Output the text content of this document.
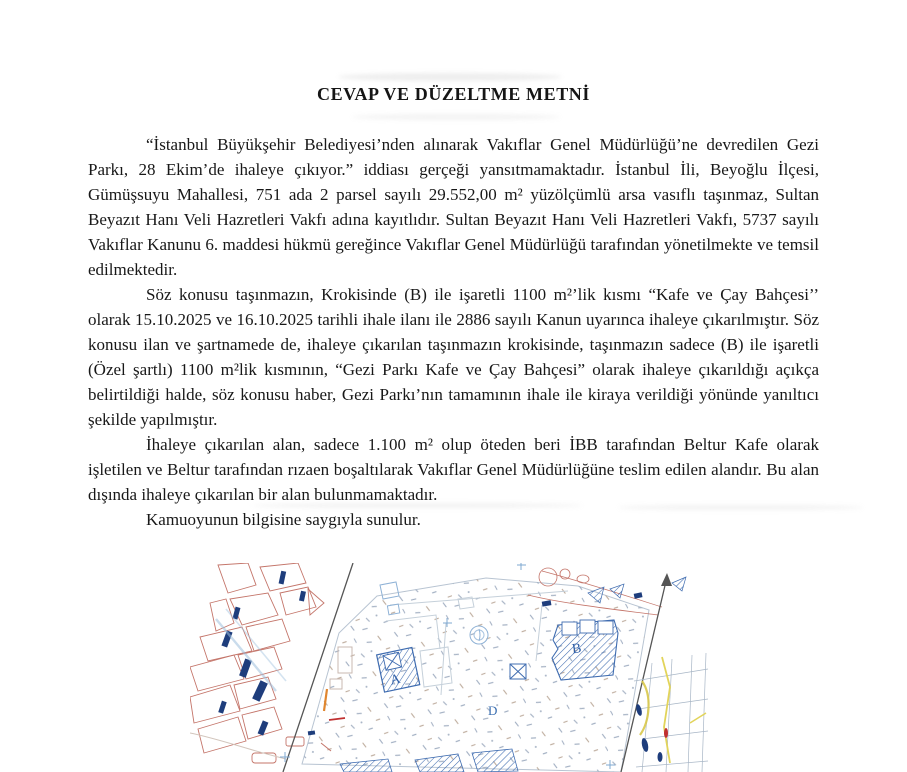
CEVAP VE DÜZELTME METNİ

“İstanbul Büyükşehir Belediyesi’nden alınarak Vakıflar Genel Müdürlüğü’ne devredilen Gezi Parkı, 28 Ekim’de ihaleye çıkıyor.” iddiası gerçeği yansıtmamaktadır. İstanbul İli, Beyoğlu İlçesi, Gümüşsuyu Mahallesi, 751 ada 2 parsel sayılı 29.552,00 m² yüzölçümlü arsa vasıflı taşınmaz, Sultan Beyazıt Hanı Veli Hazretleri Vakfı adına kayıtlıdır. Sultan Beyazıt Hanı Veli Hazretleri Vakfı, 5737 sayılı Vakıflar Kanunu 6. maddesi hükmü gereğince Vakıflar Genel Müdürlüğü tarafından yönetilmekte ve temsil edilmektedir.

Söz konusu taşınmazın, Krokisinde (B) ile işaretli 1100 m²’lik kısmı “Kafe ve Çay Bahçesi’’ olarak 15.10.2025 ve 16.10.2025 tarihli ihale ilanı ile 2886 sayılı Kanun uyarınca ihaleye çıkarılmıştır. Söz konusu ilan ve şartnamede de, ihaleye çıkarılan taşınmazın krokisinde, taşınmazın sadece (B) ile işaretli (Özel şartlı) 1100 m²lik kısmının, “Gezi Parkı Kafe ve Çay Bahçesi” olarak ihaleye çıkarıldığı açıkça belirtildiği halde, söz konusu haber, Gezi Parkı’nın tamamının ihale ile kiraya verildiği yönünde yanıltıcı şekilde yapılmıştır.

İhaleye çıkarılan alan, sadece 1.100 m² olup öteden beri İBB tarafından Beltur Kafe olarak işletilen ve Beltur tarafından rızaen boşaltılarak Vakıflar Genel Müdürlüğüne teslim edilen alandır. Bu alan dışında ihaleye çıkarılan bir alan bulunmamaktadır.

Kamuoyunun bilgisine saygıyla sunulur.

A
B
D
